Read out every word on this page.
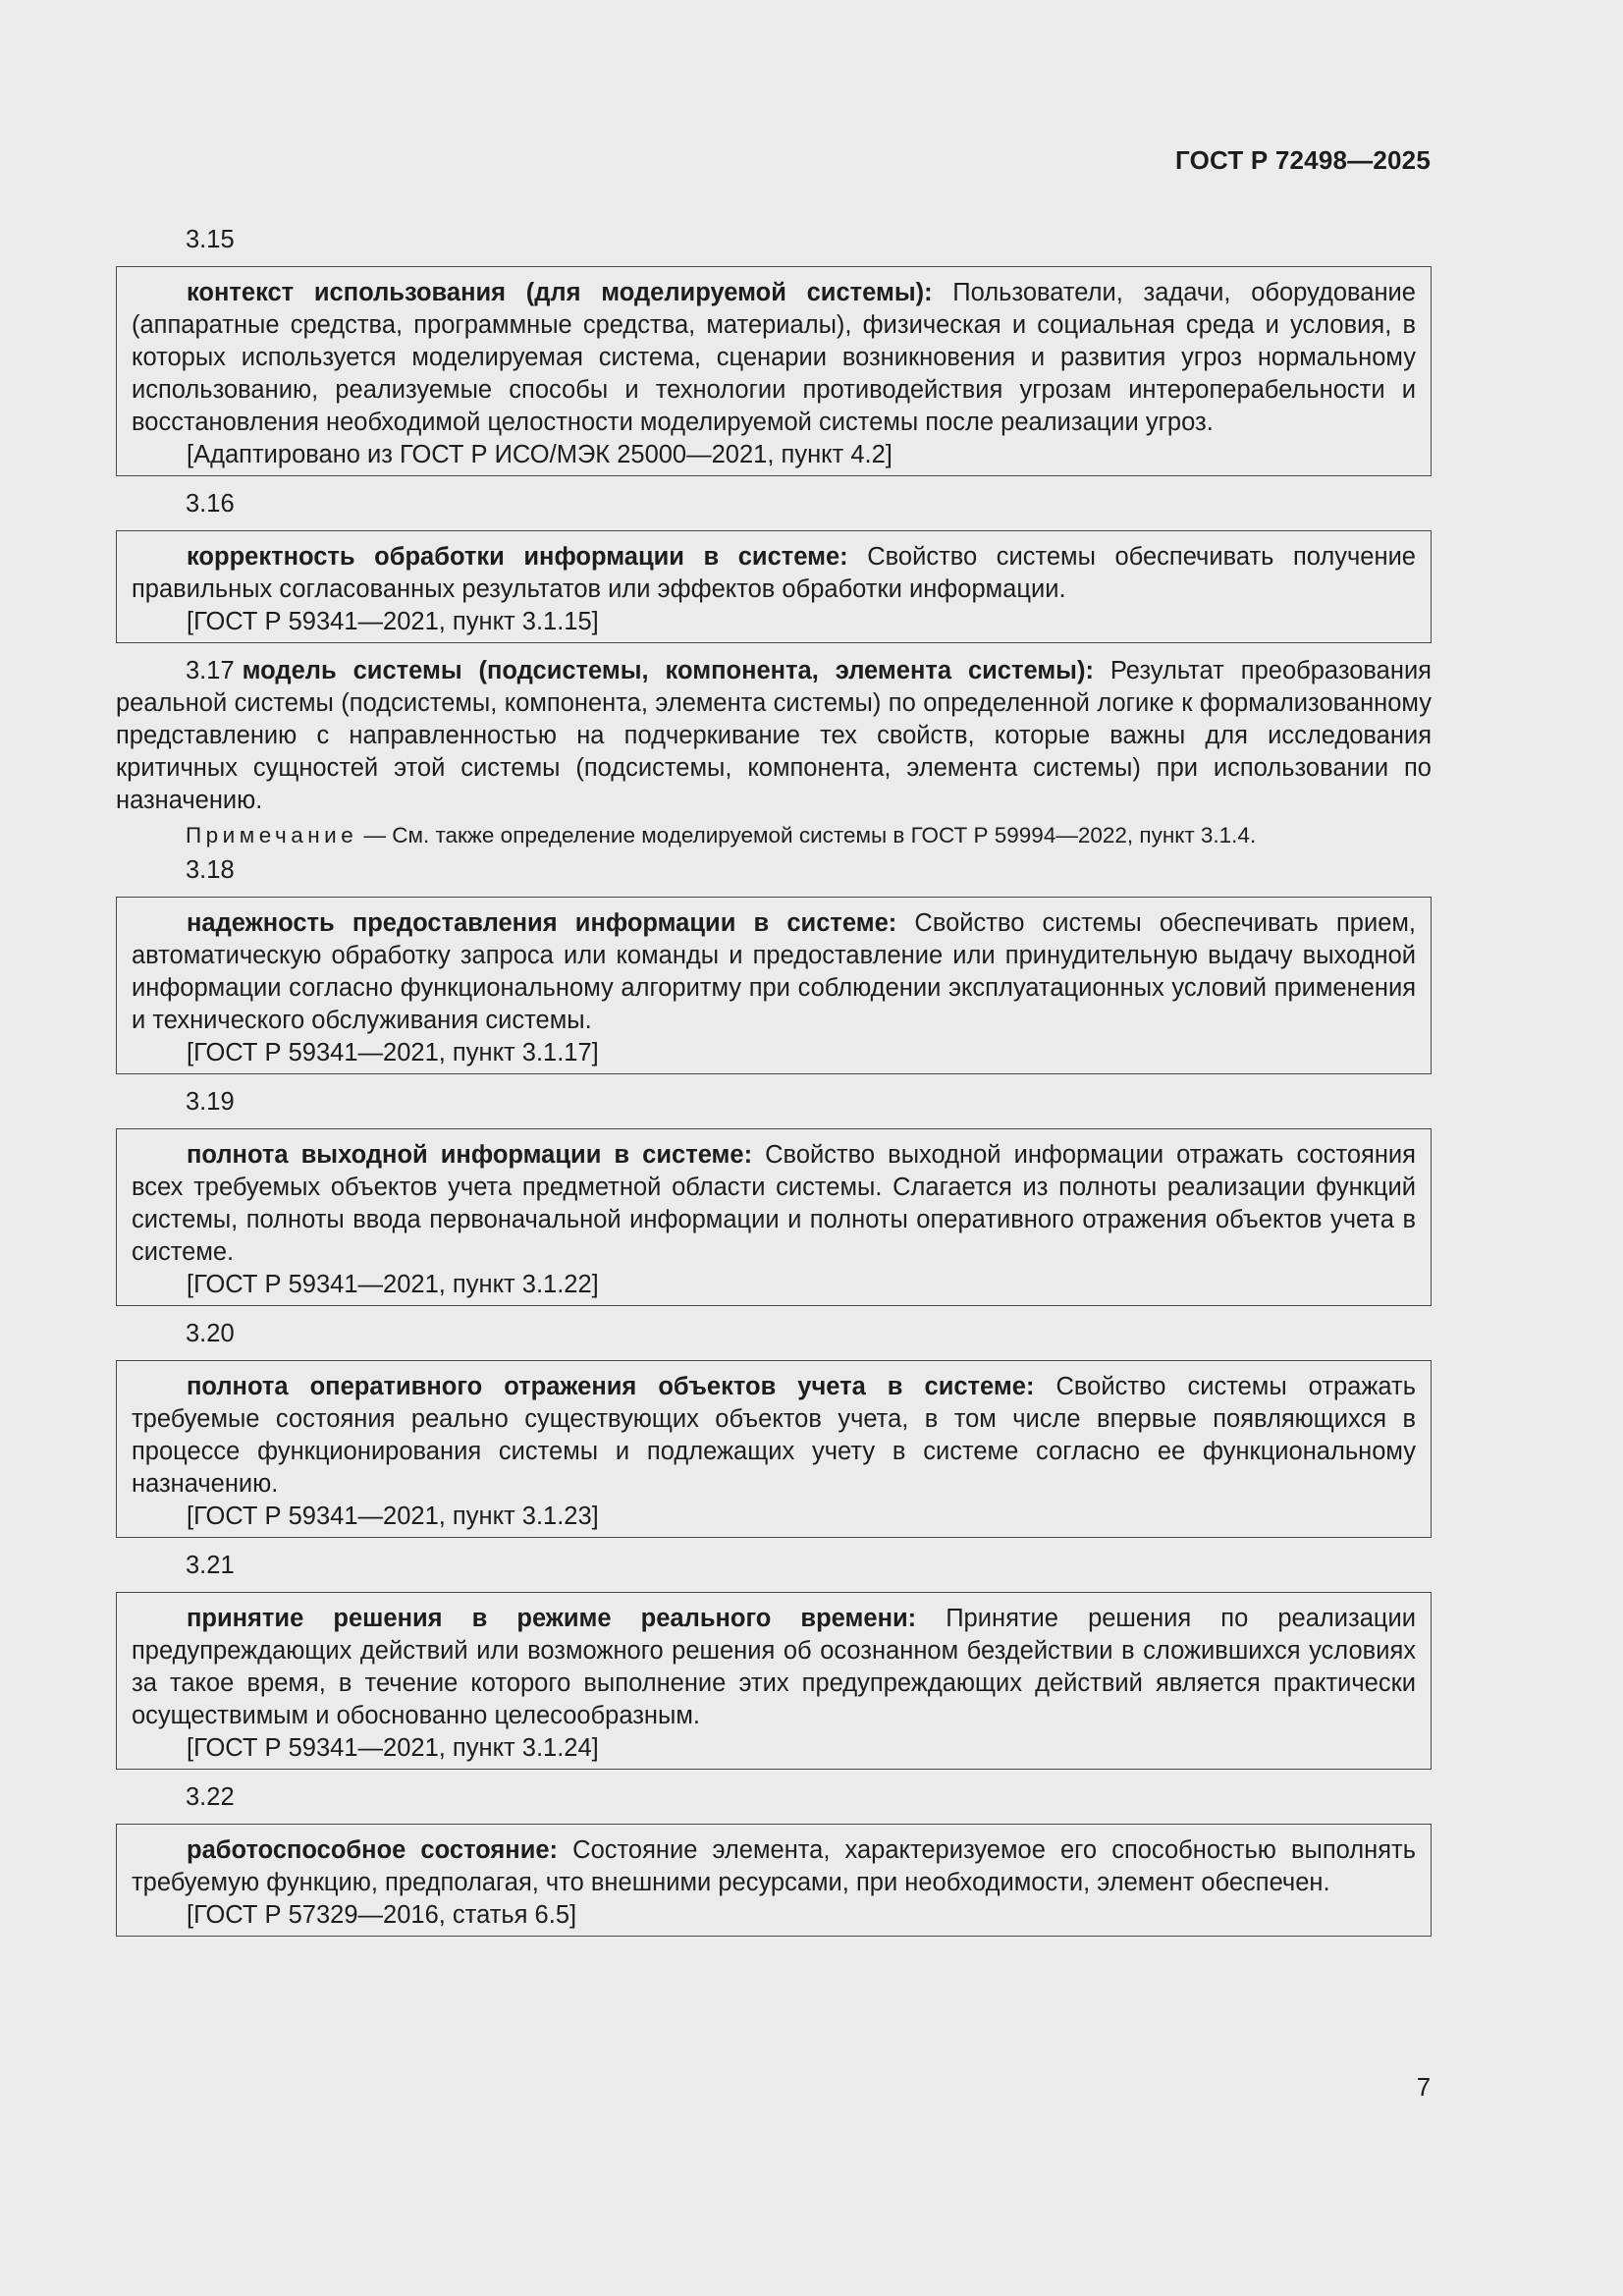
ГОСТ Р 72498—2025

3.15

контекст использования (для моделируемой системы): Пользователи, задачи, оборудование (аппаратные средства, программные средства, материалы), физическая и социальная среда и условия, в которых используется моделируемая система, сценарии возникновения и развития угроз нормальному использованию, реализуемые способы и технологии противодействия угрозам интероперабельности и восстановления необходимой целостности моделируемой системы после реализации угроз.

[Адаптировано из ГОСТ Р ИСО/МЭК 25000—2021, пункт 4.2]

3.16

корректность обработки информации в системе: Свойство системы обеспечивать получение правильных согласованных результатов или эффектов обработки информации.

[ГОСТ Р 59341—2021, пункт 3.1.15]

3.17 модель системы (подсистемы, компонента, элемента системы): Результат преобразования реальной системы (подсистемы, компонента, элемента системы) по определенной логике к формализованному представлению с направленностью на подчеркивание тех свойств, которые важны для исследования критичных сущностей этой системы (подсистемы, компонента, элемента системы) при использовании по назначению.

Примечание — См. также определение моделируемой системы в ГОСТ Р 59994—2022, пункт 3.1.4.

3.18

надежность предоставления информации в системе: Свойство системы обеспечивать прием, автоматическую обработку запроса или команды и предоставление или принудительную выдачу выходной информации согласно функциональному алгоритму при соблюдении эксплуатационных условий применения и технического обслуживания системы.

[ГОСТ Р 59341—2021, пункт 3.1.17]

3.19

полнота выходной информации в системе: Свойство выходной информации отражать состояния всех требуемых объектов учета предметной области системы. Слагается из полноты реализации функций системы, полноты ввода первоначальной информации и полноты оперативного отражения объектов учета в системе.

[ГОСТ Р 59341—2021, пункт 3.1.22]

3.20

полнота оперативного отражения объектов учета в системе: Свойство системы отражать требуемые состояния реально существующих объектов учета, в том числе впервые появляющихся в процессе функционирования системы и подлежащих учету в системе согласно ее функциональному назначению.

[ГОСТ Р 59341—2021, пункт 3.1.23]

3.21

принятие решения в режиме реального времени: Принятие решения по реализации предупреждающих действий или возможного решения об осознанном бездействии в сложившихся условиях за такое время, в течение которого выполнение этих предупреждающих действий является практически осуществимым и обоснованно целесообразным.

[ГОСТ Р 59341—2021, пункт 3.1.24]

3.22

работоспособное состояние: Состояние элемента, характеризуемое его способностью выполнять требуемую функцию, предполагая, что внешними ресурсами, при необходимости, элемент обеспечен.

[ГОСТ Р 57329—2016, статья 6.5]

7
